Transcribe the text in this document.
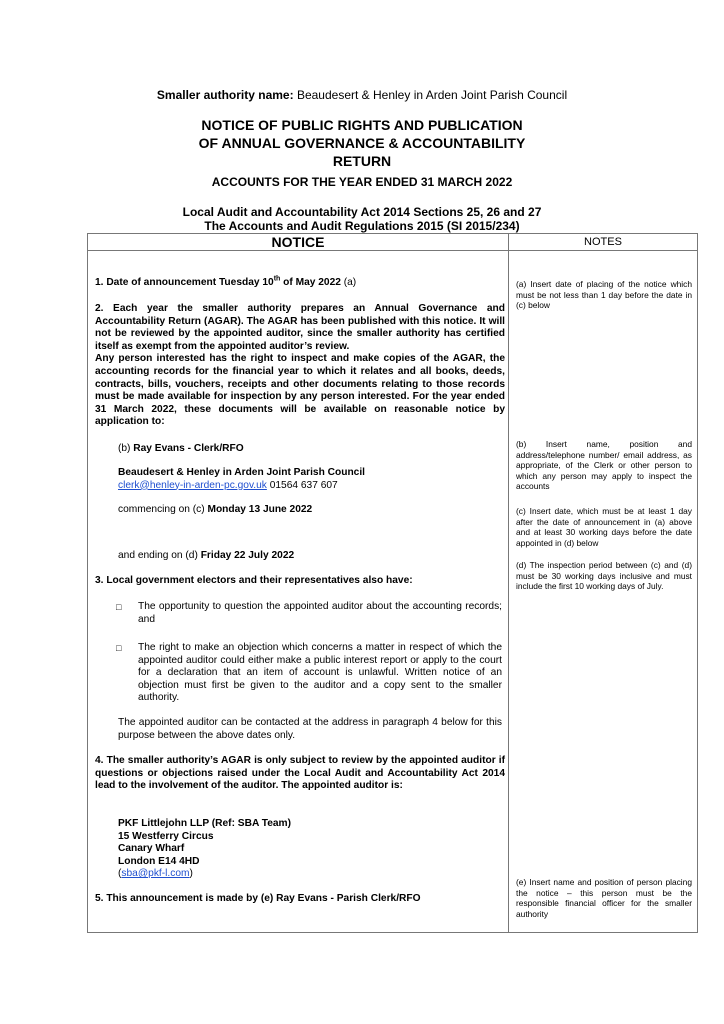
Smaller authority name: Beaudesert & Henley in Arden Joint Parish Council
NOTICE OF PUBLIC RIGHTS AND PUBLICATION
OF ANNUAL GOVERNANCE & ACCOUNTABILITY
RETURN
ACCOUNTS FOR THE YEAR ENDED 31 MARCH 2022
Local Audit and Accountability Act 2014 Sections 25, 26 and 27
The Accounts and Audit Regulations 2015 (SI 2015/234)
NOTICE	NOTES
1. Date of announcement Tuesday 10th of May 2022 (a)
2. Each year the smaller authority prepares an Annual Governance and Accountability Return (AGAR). The AGAR has been published with this notice. It will not be reviewed by the appointed auditor, since the smaller authority has certified itself as exempt from the appointed auditor’s review.
Any person interested has the right to inspect and make copies of the AGAR, the accounting records for the financial year to which it relates and all books, deeds, contracts, bills, vouchers, receipts and other documents relating to those records must be made available for inspection by any person interested. For the year ended 31 March 2022, these documents will be available on reasonable notice by application to:
(b) Ray Evans - Clerk/RFO
Beaudesert & Henley in Arden Joint Parish Council
clerk@henley-in-arden-pc.gov.uk 01564 637 607
commencing on (c) Monday 13 June 2022
and ending on (d) Friday 22 July 2022
3. Local government electors and their representatives also have:
□ The opportunity to question the appointed auditor about the accounting records; and
□ The right to make an objection which concerns a matter in respect of which the appointed auditor could either make a public interest report or apply to the court for a declaration that an item of account is unlawful. Written notice of an objection must first be given to the auditor and a copy sent to the smaller authority.
The appointed auditor can be contacted at the address in paragraph 4 below for this purpose between the above dates only.
4. The smaller authority’s AGAR is only subject to review by the appointed auditor if questions or objections raised under the Local Audit and Accountability Act 2014 lead to the involvement of the auditor. The appointed auditor is:
PKF Littlejohn LLP (Ref: SBA Team)
15 Westferry Circus
Canary Wharf
London E14 4HD
(sba@pkf-l.com)
5. This announcement is made by (e) Ray Evans - Parish Clerk/RFO
(a) Insert date of placing of the notice which must be not less than 1 day before the date in (c) below
(b) Insert name, position and address/telephone number/ email address, as appropriate, of the Clerk or other person to which any person may apply to inspect the accounts
(c) Insert date, which must be at least 1 day after the date of announcement in (a) above and at least 30 working days before the date appointed in (d) below
(d) The inspection period between (c) and (d) must be 30 working days inclusive and must include the first 10 working days of July.
(e) Insert name and position of person placing the notice – this person must be the responsible financial officer for the smaller authority
